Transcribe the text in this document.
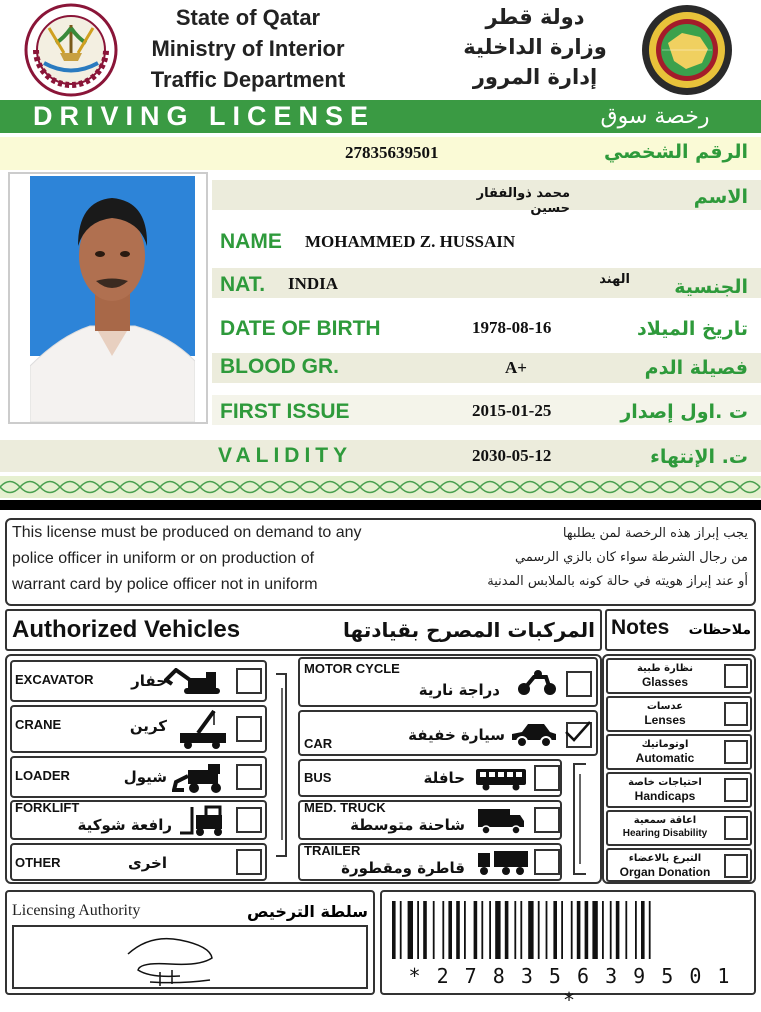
State of Qatar
Ministry of Interior
Traffic Department
دولة قطر
وزارة الداخلية
إدارة المرور
DRIVING LICENSE	رخصة سوق
27835639501	الرقم الشخصي
محمد ذوالفقار حسين
الاسم
NAME MOHAMMED Z. HUSSAIN
NAT. INDIA	الهند	الجنسية
DATE OF BIRTH	1978-08-16	تاريخ الميلاد
BLOOD GR.	A+	فصيلة الدم
FIRST ISSUE	2015-01-25	ت .اول إصدار
VALIDITY	2030-05-12	ت. الإنتهاء
This license must be produced on demand to any
police officer in uniform or on production of
warrant card by police officer not in uniform
يجب إبراز هذه الرخصة لمن يطلبها
من رجال الشرطة سواء كان بالزي الرسمي
أو عند إبراز هويته في حالة كونه بالملابس المدنية
Authorized Vehicles	المركبات المصرح بقيادتها Notes	ملاحظات
EXCAVATOR	حفار
CRANE	كرين
LOADER	شيول
FORKLIFT
رافعة شوكية
OTHER	اخرى
MOTOR CYCLE
دراجة نارية
CAR	سيارة خفيفة
BUS	حافلة
MED. TRUCK
شاحنة متوسطة
TRAILER
قاطرة ومقطورة
نظارة طبية
Glasses
عدسات
Lenses
اوتوماتيك
Automatic
احتياجات خاصة
Handicaps
اعاقة سمعية
Hearing Disability
التبرع بالاعضاء
Organ Donation
Licensing Authority	سلطة الترخيص
* 2 7 8 3 5 6 3 9 5 0 1 *
